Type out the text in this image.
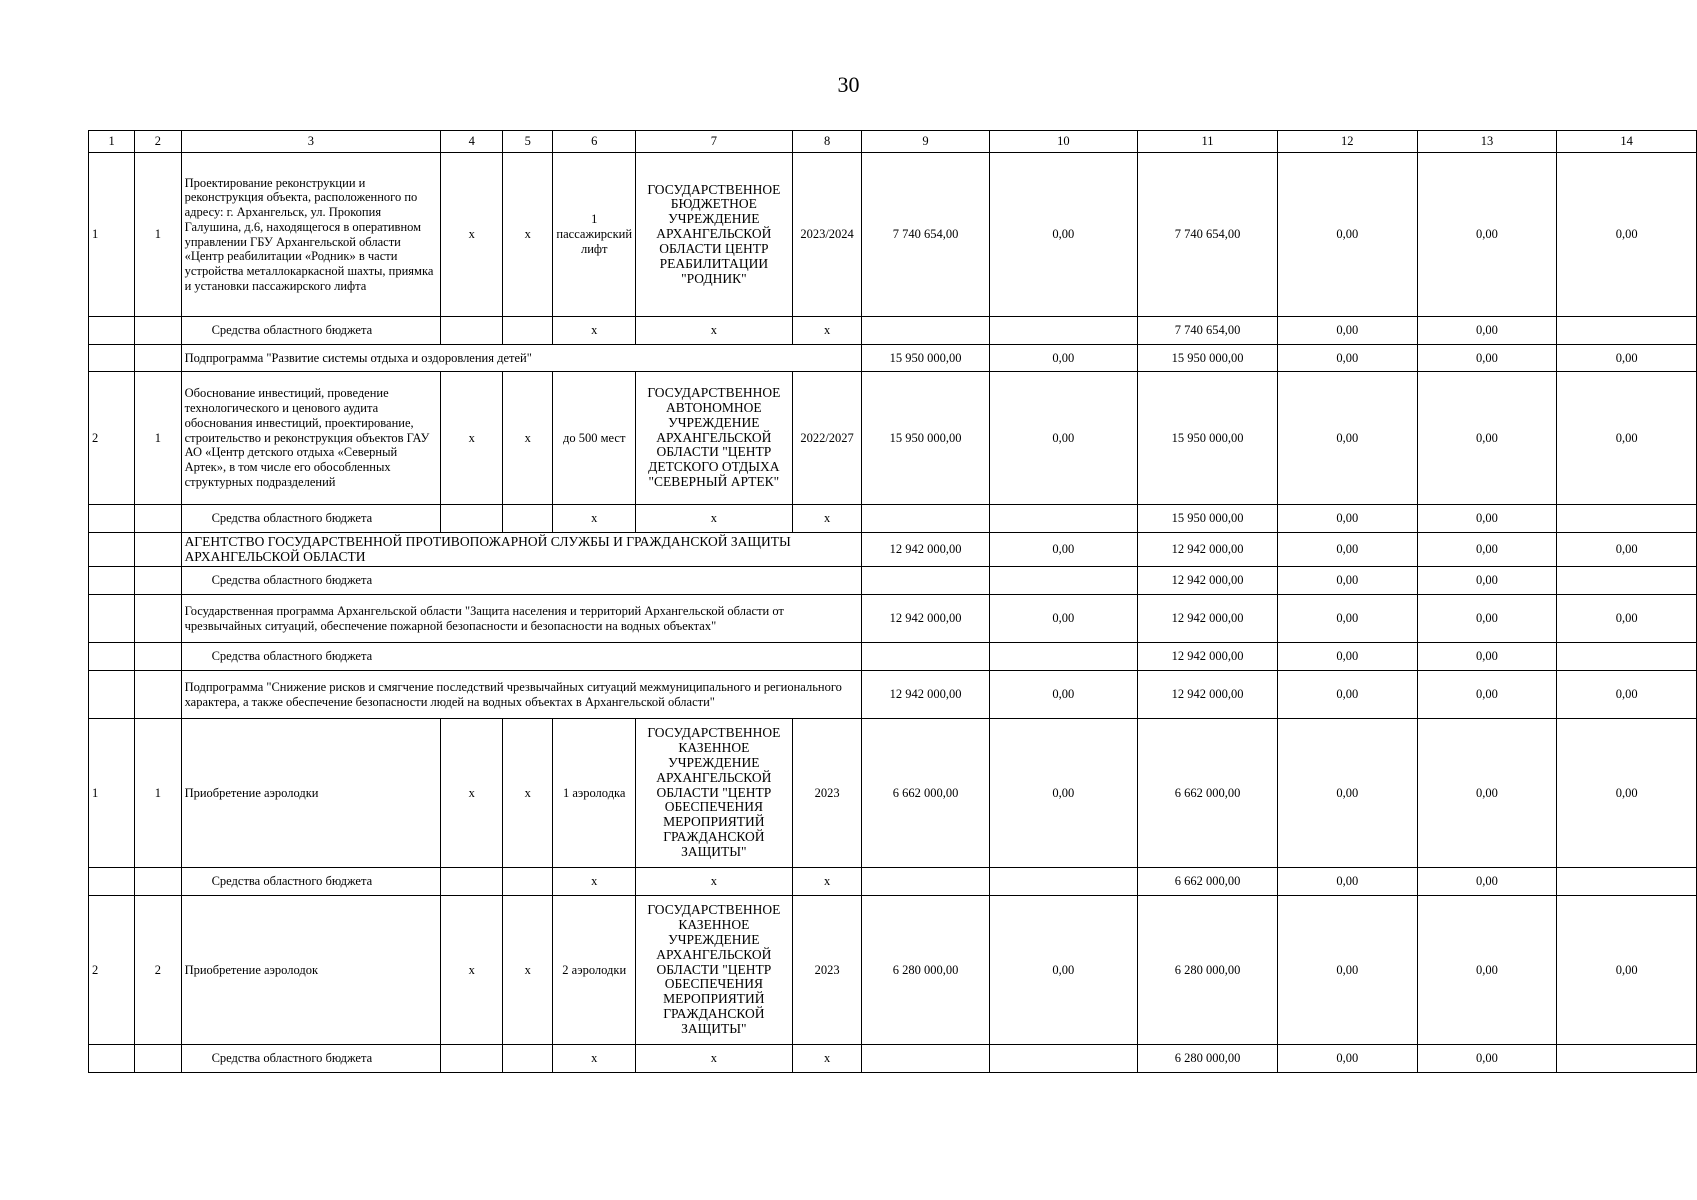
30
1	2	3	4	5	6	7	8	9	10	11	12	13	14
1	1	Проектирование реконструкции и реконструкция объекта, расположенного по адресу: г. Архангельск, ул. Прокопия Галушина, д.6, находящегося в оперативном управлении ГБУ Архангельской области «Центр реабилитации «Родник» в части устройства металлокаркасной шахты, приямка и установки пассажирского лифта	х	х	1 пассажирский лифт	ГОСУДАРСТВЕННОЕ БЮДЖЕТНОЕ УЧРЕЖДЕНИЕ АРХАНГЕЛЬСКОЙ ОБЛАСТИ ЦЕНТР РЕАБИЛИТАЦИИ "РОДНИК"	2023/2024	7 740 654,00	0,00	7 740 654,00	0,00	0,00	0,00
		Средства областного бюджета			х	х	х			7 740 654,00	0,00	0,00	
		Подпрограмма "Развитие системы отдыха и оздоровления детей"						15 950 000,00	0,00	15 950 000,00	0,00	0,00	0,00
2	1	Обоснование инвестиций, проведение технологического и ценового аудита обоснования инвестиций, проектирование, строительство и реконструкция объектов ГАУ АО «Центр детского отдыха «Северный Артек», в том числе его обособленных структурных подразделений	х	х	до 500 мест	ГОСУДАРСТВЕННОЕ АВТОНОМНОЕ УЧРЕЖДЕНИЕ АРХАНГЕЛЬСКОЙ ОБЛАСТИ "ЦЕНТР ДЕТСКОГО ОТДЫХА "СЕВЕРНЫЙ АРТЕК"	2022/2027	15 950 000,00	0,00	15 950 000,00	0,00	0,00	0,00
		Средства областного бюджета			х	х	х			15 950 000,00	0,00	0,00	
		АГЕНТСТВО ГОСУДАРСТВЕННОЙ ПРОТИВОПОЖАРНОЙ СЛУЖБЫ И ГРАЖДАНСКОЙ ЗАЩИТЫ АРХАНГЕЛЬСКОЙ ОБЛАСТИ						12 942 000,00	0,00	12 942 000,00	0,00	0,00	0,00
		Средства областного бюджета								12 942 000,00	0,00	0,00	
		Государственная программа Архангельской области "Защита населения и территорий Архангельской области от чрезвычайных ситуаций, обеспечение пожарной безопасности и безопасности на водных объектах"						12 942 000,00	0,00	12 942 000,00	0,00	0,00	0,00
		Средства областного бюджета								12 942 000,00	0,00	0,00	
		Подпрограмма "Снижение рисков и смягчение последствий чрезвычайных ситуаций межмуниципального и регионального характера, а также обеспечение безопасности людей на водных объектах в Архангельской области"						12 942 000,00	0,00	12 942 000,00	0,00	0,00	0,00
1	1	Приобретение аэролодки	х	х	1 аэролодка	ГОСУДАРСТВЕННОЕ КАЗЕННОЕ УЧРЕЖДЕНИЕ АРХАНГЕЛЬСКОЙ ОБЛАСТИ "ЦЕНТР ОБЕСПЕЧЕНИЯ МЕРОПРИЯТИЙ ГРАЖДАНСКОЙ ЗАЩИТЫ"	2023	6 662 000,00	0,00	6 662 000,00	0,00	0,00	0,00
		Средства областного бюджета			х	х	х			6 662 000,00	0,00	0,00	
2	2	Приобретение аэролодок	х	х	2 аэролодки	ГОСУДАРСТВЕННОЕ КАЗЕННОЕ УЧРЕЖДЕНИЕ АРХАНГЕЛЬСКОЙ ОБЛАСТИ "ЦЕНТР ОБЕСПЕЧЕНИЯ МЕРОПРИЯТИЙ ГРАЖДАНСКОЙ ЗАЩИТЫ"	2023	6 280 000,00	0,00	6 280 000,00	0,00	0,00	0,00
		Средства областного бюджета			х	х	х			6 280 000,00	0,00	0,00	
